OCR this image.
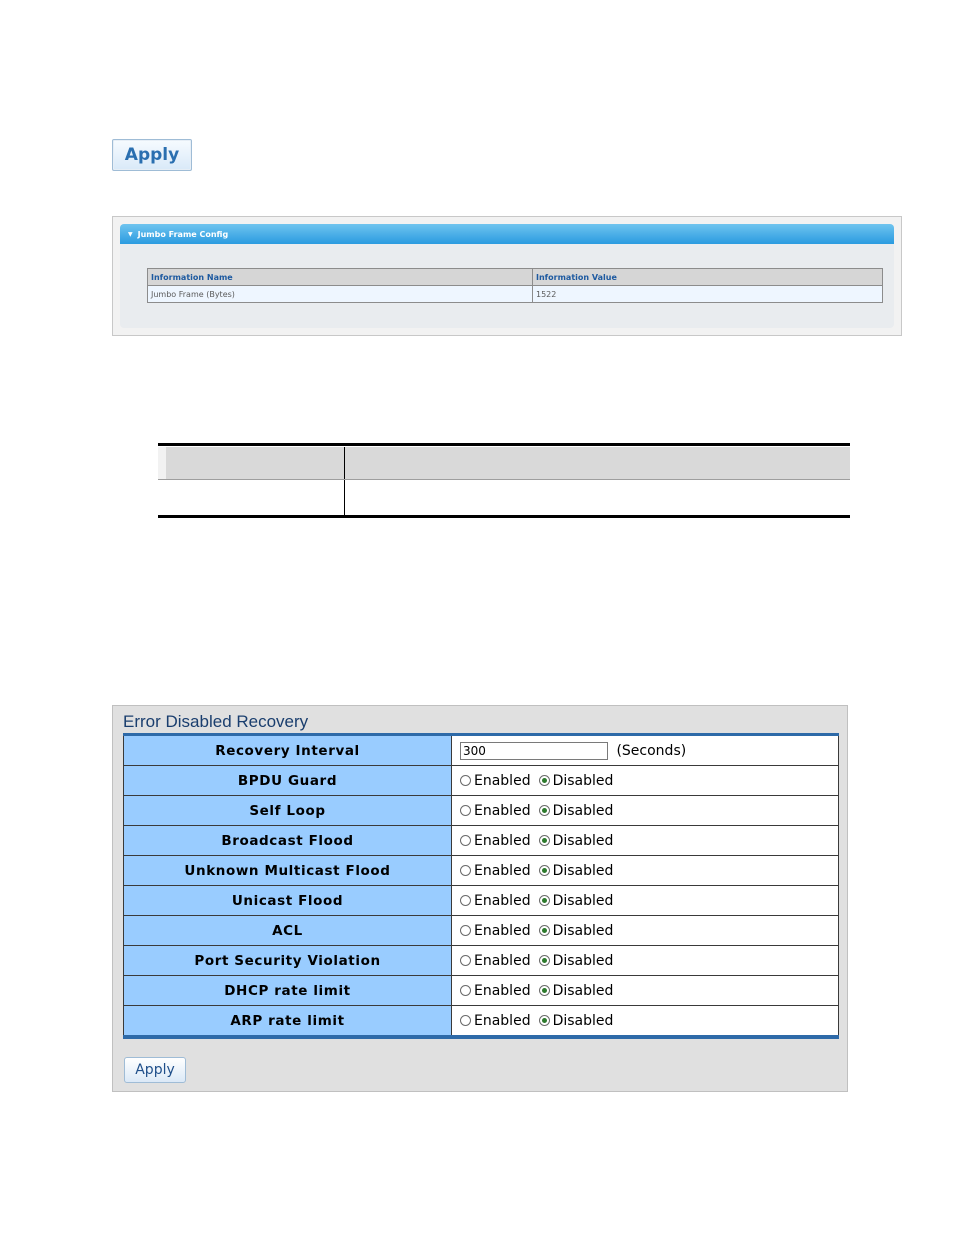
Apply
▼ Jumbo Frame Config
Information Name	Information Value
Jumbo Frame (Bytes)	1522
Error Disabled Recovery
Recovery Interval	300(Seconds)
BPDU Guard	Enabled Disabled

Self Loop	Enabled Disabled

Broadcast Flood	Enabled Disabled

Unknown Multicast Flood	Enabled Disabled

Unicast Flood	Enabled Disabled

ACL	Enabled Disabled

Port Security Violation	Enabled Disabled

DHCP rate limit	Enabled Disabled

ARP rate limit	Enabled Disabled
Apply
